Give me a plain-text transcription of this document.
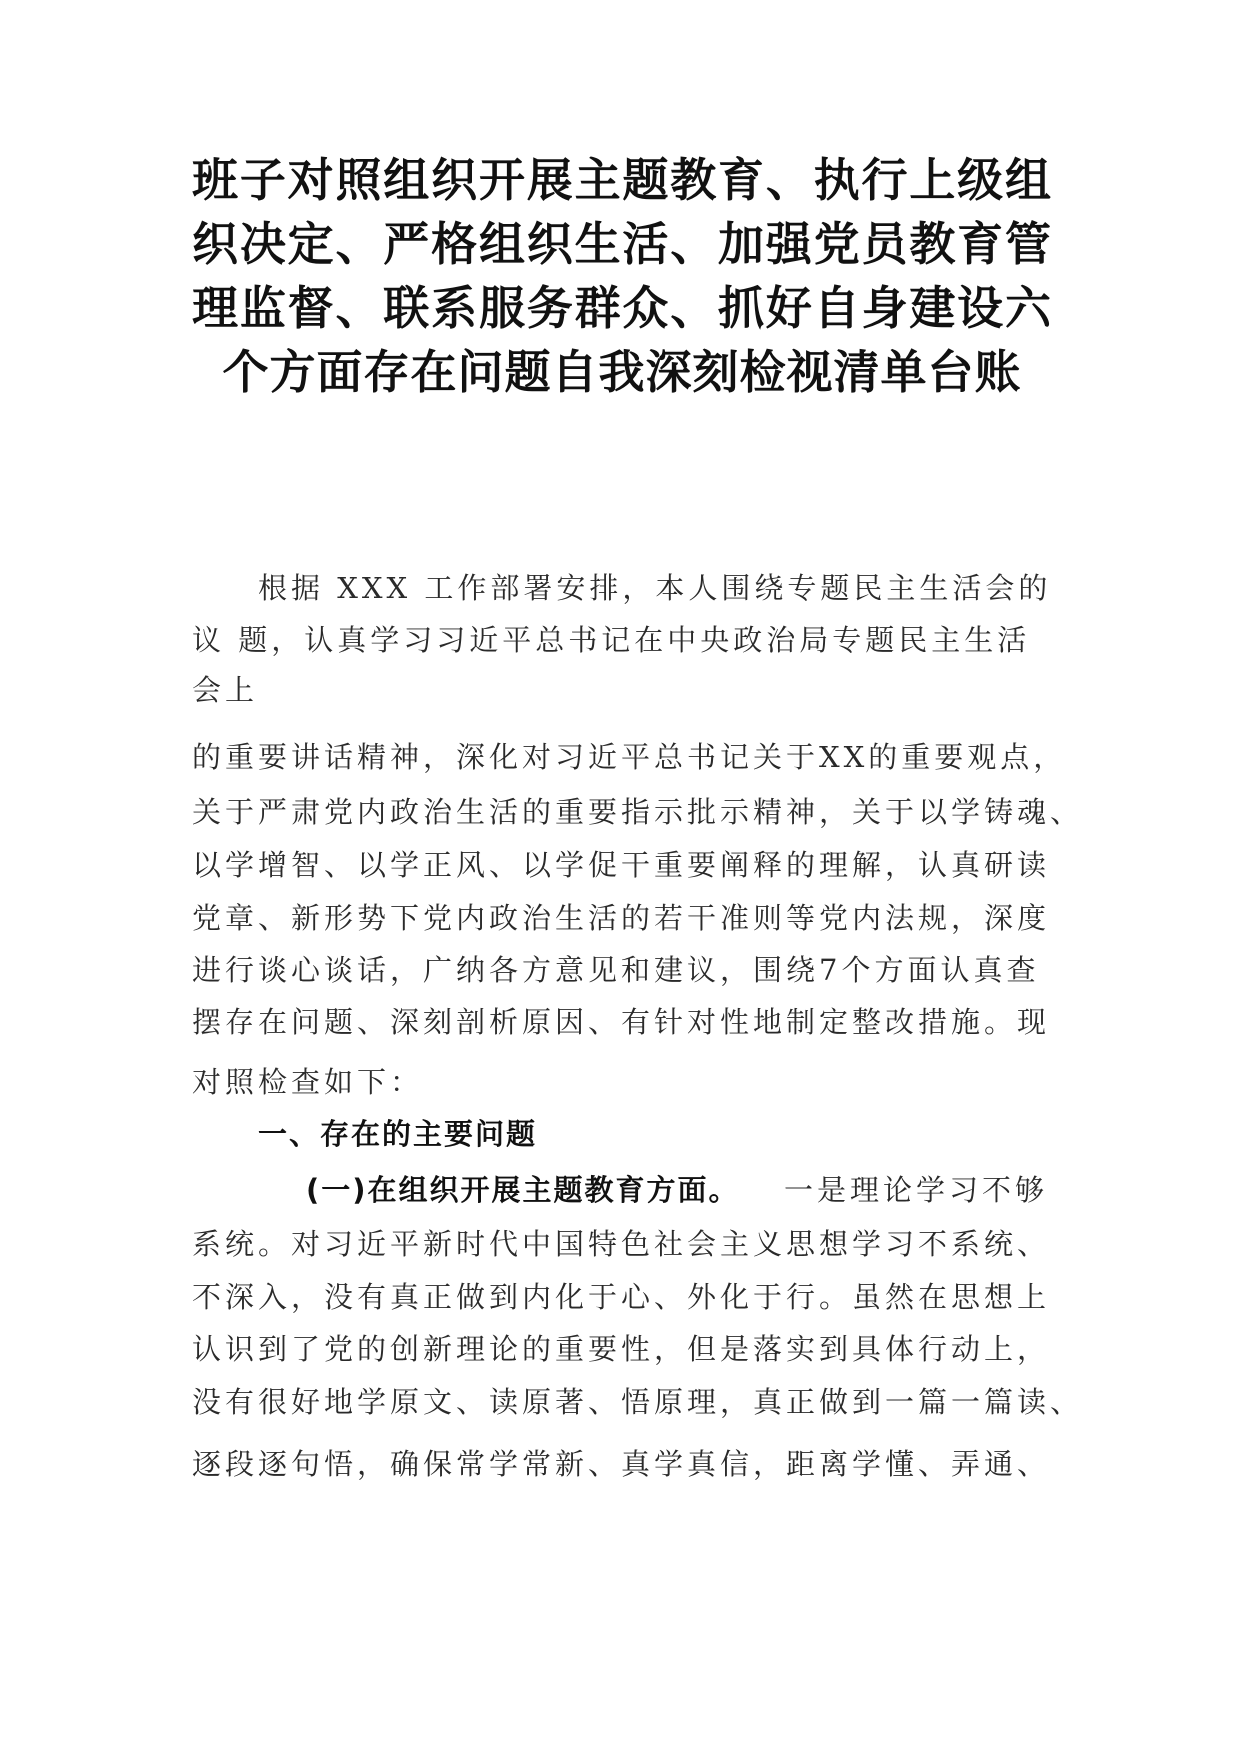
班子对照组织开展主题教育、执行上级组织决定、严格组织生活、加强党员教育管理监督、联系服务群众、抓好自身建设六个方面存在问题自我深刻检视清单台账
根据 XXX 工作部署安排，本人围绕专题民主生活会的
议 题，认真学习习近平总书记在中央政治局专题民主生活
会上
的重要讲话精神，深化对习近平总书记关于XX的重要观点，
关于严肃党内政治生活的重要指示批示精神，关于以学铸魂、
以学增智、以学正风、以学促干重要阐释的理解，认真研读
党章、新形势下党内政治生活的若干准则等党内法规，深度
进行谈心谈话，广纳各方意见和建议，围绕7个方面认真查
摆存在问题、深刻剖析原因、有针对性地制定整改措施。现
对照检查如下：
一、存在的主要问题
(一)在组织开展主题教育方面。 一是理论学习不够
系统。对习近平新时代中国特色社会主义思想学习不系统、
不深入，没有真正做到内化于心、外化于行。虽然在思想上
认识到了党的创新理论的重要性，但是落实到具体行动上，
没有很好地学原文、读原著、悟原理，真正做到一篇一篇读、
逐段逐句悟，确保常学常新、真学真信，距离学懂、弄通、
